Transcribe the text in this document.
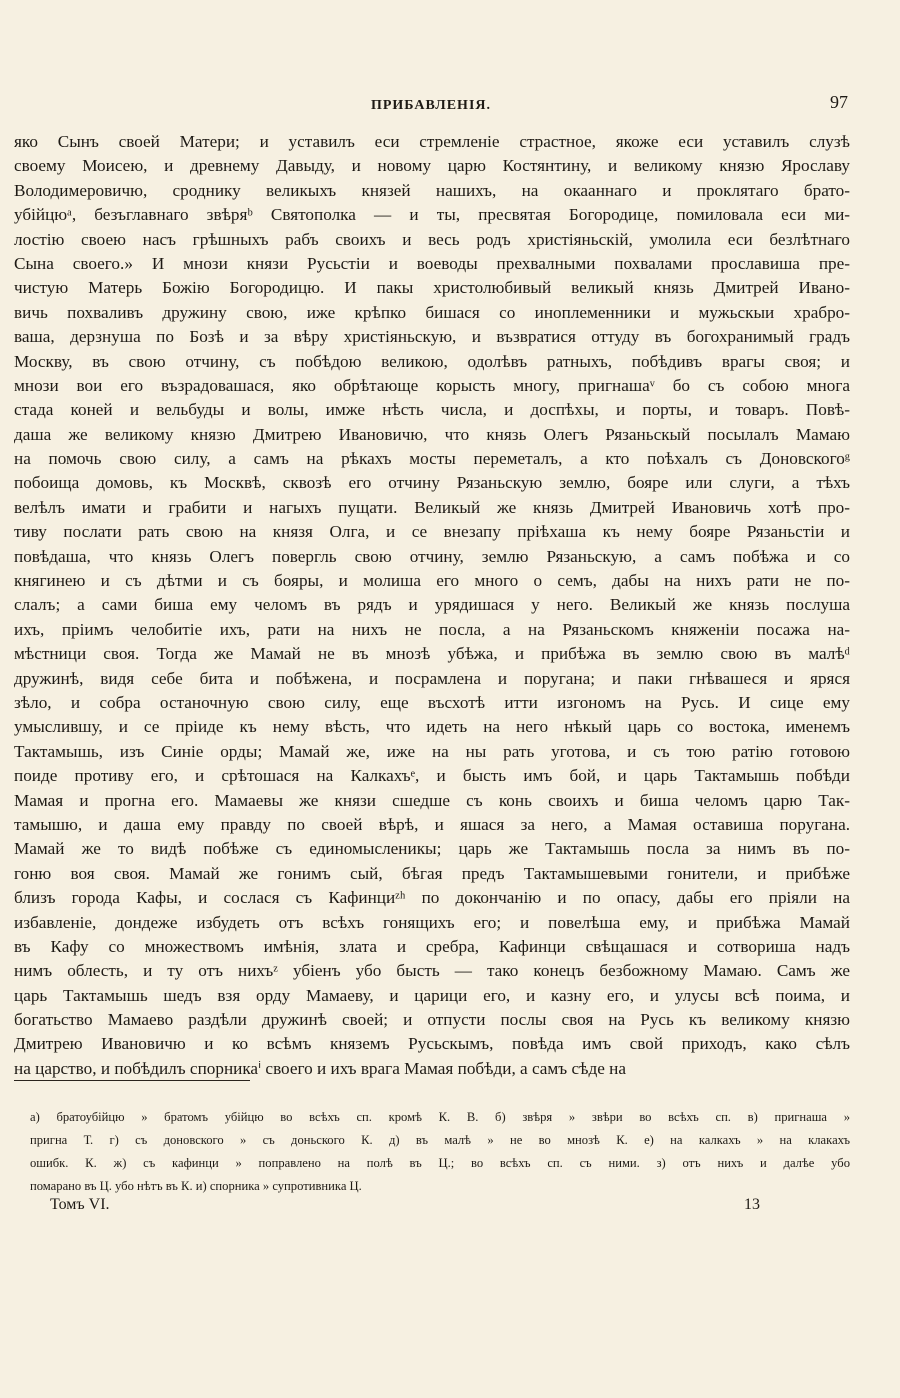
ПРИБАВЛЕНІЯ.	97
яко Сынъ своей Матери; и уставилъ еси стремленіе страстное, якоже еси уставилъ слузѣ
своему Моисею, и древнему Давыду, и новому царю Костянтину, и великому князю Ярославу
Володимеровичю, сроднику великыхъ князей нашихъ, на окааннаго и проклятаго брато-
убійцюᵃ, безъглавнаго звѣряᵇ Святополка — и ты, пресвятая Богородице, помиловала еси ми-
лостію своею насъ грѣшныхъ рабъ своихъ и весь родъ христіяньскій, умолила еси безлѣтнаго
Сына своего.» И мнози князи Русьстіи и воеводы прехвалными похвалами прославиша пре-
чистую Матерь Божію Богородицю. И пакы христолюбивый великый князь Дмитрей Ивано-
вичь похваливъ дружину свою, иже крѣпко бишася со иноплеменники и мужьскыи храбро-
ваша, дерзнуша по Бозѣ и за вѣру христіяньскую, и възвратися оттуду въ богохранимый градъ
Москву, въ свою отчину, съ побѣдою великою, одолѣвъ ратныхъ, побѣдивъ врагы своя; и
мнози вои его възрадовашася, яко обрѣтающе корысть многу, пригнашаᵛ бо съ собою многа
стада коней и вельбуды и волы, имже нѣсть числа, и доспѣхы, и порты, и товаръ. Повѣ-
даша же великому князю Дмитрею Ивановичю, что князь Олегъ Рязаньскый посылалъ Мамаю
на помочь свою силу, а самъ на рѣкахъ мосты переметалъ, а кто поѣхалъ съ Доновскогоᵍ
побоища домовь, къ Москвѣ, сквозѣ его отчину Рязаньскую землю, бояре или слуги, а тѣхъ
велѣлъ имати и грабити и нагыхъ пущати. Великый же князь Дмитрей Ивановичь хотѣ про-
тиву послати рать свою на князя Олга, и се внезапу пріѣхаша къ нему бояре Рязаньстіи и
повѣдаша, что князь Олегъ повергль свою отчину, землю Рязаньскую, а самъ побѣжа и со
княгинею и съ дѣтми и съ бояры, и молиша его много о семъ, дабы на нихъ рати не по-
слалъ; а сами биша ему челомъ въ рядъ и урядишася у него. Великый же князь послуша
ихъ, пріимъ челобитіе ихъ, рати на нихъ не посла, а на Рязаньскомъ княженіи посажа на-
мѣстници своя. Тогда же Мамай не въ мнозѣ убѣжа, и прибѣжа въ землю свою въ малѣᵈ
дружинѣ, видя себе бита и побѣжена, и посрамлена и поругана; и паки гнѣвашеся и яряся
зѣло, и собра останочную свою силу, еще въсхотѣ итти изгономъ на Русь. И сице ему
умыслившу, и се пріиде къ нему вѣсть, что идеть на него нѣкый царь со востока, именемъ
Тактамышь, изъ Синіе орды; Мамай же, иже на ны рать уготова, и съ тою ратію готовою
поиде противу его, и срѣтошася на Калкахъᵉ, и бысть имъ бой, и царь Тактамышь побѣди
Мамая и прогна его. Мамаевы же князи сшедше съ конь своихъ и биша челомъ царю Так-
тамышю, и даша ему правду по своей вѣрѣ, и яшася за него, а Мамая оставиша поругана.
Мамай же то видѣ побѣже съ единомысленикы; царь же Тактамышь посла за нимъ въ по-
гоню воя своя. Мамай же гонимъ сый, бѣгая предъ Тактамышевыми гонители, и прибѣже
близъ города Кафы, и сослася съ Кафинциᶻʰ по докончанію и по опасу, дабы его пріяли на
избавленіе, дондеже избудеть отъ всѣхъ гонящихъ его; и повелѣша ему, и прибѣжа Мамай
въ Кафу со множествомъ имѣнія, злата и сребра, Кафинци свѣщашася и сотвориша надъ
нимъ облесть, и ту отъ нихъᶻ убіенъ убо бысть — тако конецъ безбожному Мамаю. Самъ же
царь Тактамышь шедъ взя орду Мамаеву, и царици его, и казну его, и улусы всѣ поима, и
богатьство Мамаево раздѣли дружинѣ своей; и отпусти послы своя на Русь къ великому князю
Дмитрею Ивановичю и ко всѣмъ княземъ Русьскымъ, повѣда имъ свой приходъ, како сѣлъ
на царство, и побѣдилъ спорникаⁱ своего и ихъ врага Мамая побѣди, а самъ сѣде на
а) братоубійцю » братомъ убійцю во всѣхъ сп. кромѣ К. В. б) звѣря » звѣри во всѣхъ сп. в) пригнаша »
пригна Т. г) съ доновского » съ доньского К. д) въ малѣ » не во мнозѣ К. е) на калкахъ » на клакахъ
ошибк. К. ж) съ кафинци » поправлено на полѣ въ Ц.; во всѣхъ сп. съ ними. з) отъ нихъ и далѣе убо
помарано въ Ц. убо нѣтъ въ К. и) спорника » супротивника Ц.
Томъ VI.	13
